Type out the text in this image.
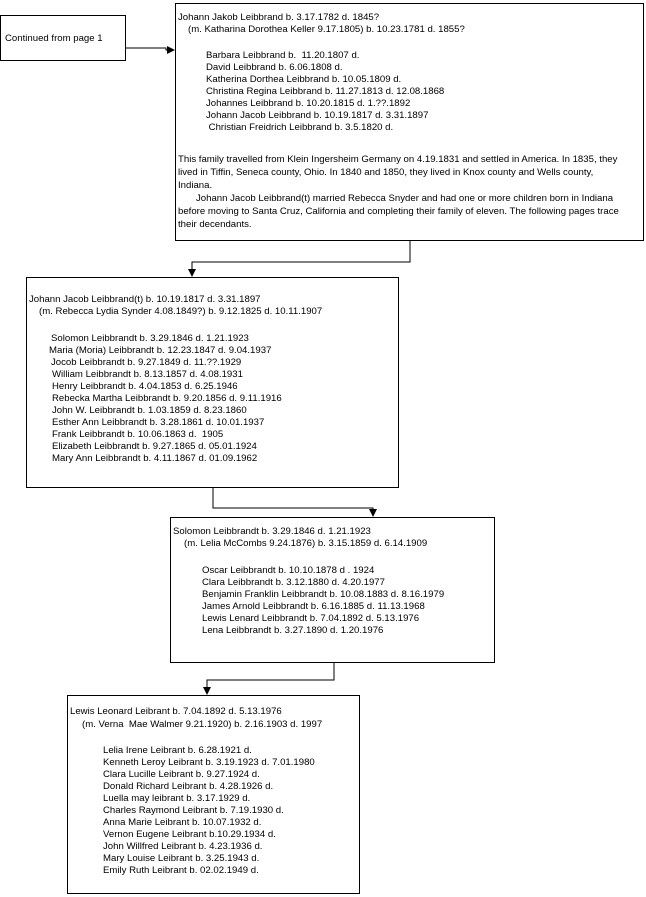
Continued from page 1
Johann Jakob Leibbrand b. 3.17.1782 d. 1845?
(m. Katharina Dorothea Keller 9.17.1805) b. 10.23.1781 d. 1855?
Barbara Leibbrand b.  11.20.1807 d.
David Leibbrand b. 6.06.1808 d.
Katherina Dorthea Leibbrand b. 10.05.1809 d.
Christina Regina Leibbrand b. 11.27.1813 d. 12.08.1868
Johannes Leibbrand b. 10.20.1815 d. 1.??.1892
Johann Jacob Leibbrand b. 10.19.1817 d. 3.31.1897
Christian Freidrich Leibbrand b. 3.5.1820 d.
This family travelled from Klein Ingersheim Germany on 4.19.1831 and settled in America. In 1835, they lived in Tiffin, Seneca county, Ohio. In 1840 and 1850, they lived in Knox county and Wells county, Indiana.
Johann Jacob Leibbrand(t) married Rebecca Snyder and had one or more children born in Indiana before moving to Santa Cruz, California and completing their family of eleven. The following pages trace their decendants.
Johann Jacob Leibbrand(t) b. 10.19.1817 d. 3.31.1897
(m. Rebecca Lydia Synder 4.08.1849?) b. 9.12.1825 d. 10.11.1907
Solomon Leibbrandt b. 3.29.1846 d. 1.21.1923
Maria (Moria) Leibbrandt b. 12.23.1847 d. 9.04.1937
Jocob Leibbrandt b. 9.27.1849 d. 11.??.1929
William Leibbrandt b. 8.13.1857 d. 4.08.1931
Henry Leibbrandt b. 4.04.1853 d. 6.25.1946
Rebecka Martha Leibbrandt b. 9.20.1856 d. 9.11.1916
John W. Leibbrandt b. 1.03.1859 d. 8.23.1860
Esther Ann Leibbrandt b. 3.28.1861 d. 10.01.1937
Frank Leibbrandt b. 10.06.1863 d.  1905
Elizabeth Leibbrandt b. 9.27.1865 d. 05.01.1924
Mary Ann Leibbrandt b. 4.11.1867 d. 01.09.1962
Solomon Leibbrandt b. 3.29.1846 d. 1.21.1923
(m. Lelia McCombs 9.24.1876) b. 3.15.1859 d. 6.14.1909
Oscar Leibbrandt b. 10.10.1878 d . 1924
Clara Leibbrandt b. 3.12.1880 d. 4.20.1977
Benjamin Franklin Leibbrandt b. 10.08.1883 d. 8.16.1979
James Arnold Leibbrandt b. 6.16.1885 d. 11.13.1968
Lewis Lenard Leibbrandt b. 7.04.1892 d. 5.13.1976
Lena Leibbrandt b. 3.27.1890 d. 1.20.1976
Lewis Leonard Leibrant b. 7.04.1892 d. 5.13.1976
(m. Verna  Mae Walmer 9.21.1920) b. 2.16.1903 d. 1997
Lelia Irene Leibrant b. 6.28.1921 d.
Kenneth Leroy Leibrant b. 3.19.1923 d. 7.01.1980
Clara Lucille Leibrant b. 9.27.1924 d.
Donald Richard Leibrant b. 4.28.1926 d.
Luella may leibrant b. 3.17.1929 d.
Charles Raymond Leibrant b. 7.19.1930 d.
Anna Marie Leibrant b. 10.07.1932 d.
Vernon Eugene Leibrant b.10.29.1934 d.
John Willfred Leibrant b. 4.23.1936 d.
Mary Louise Leibrant b. 3.25.1943 d.
Emily Ruth Leibrant b. 02.02.1949 d.
